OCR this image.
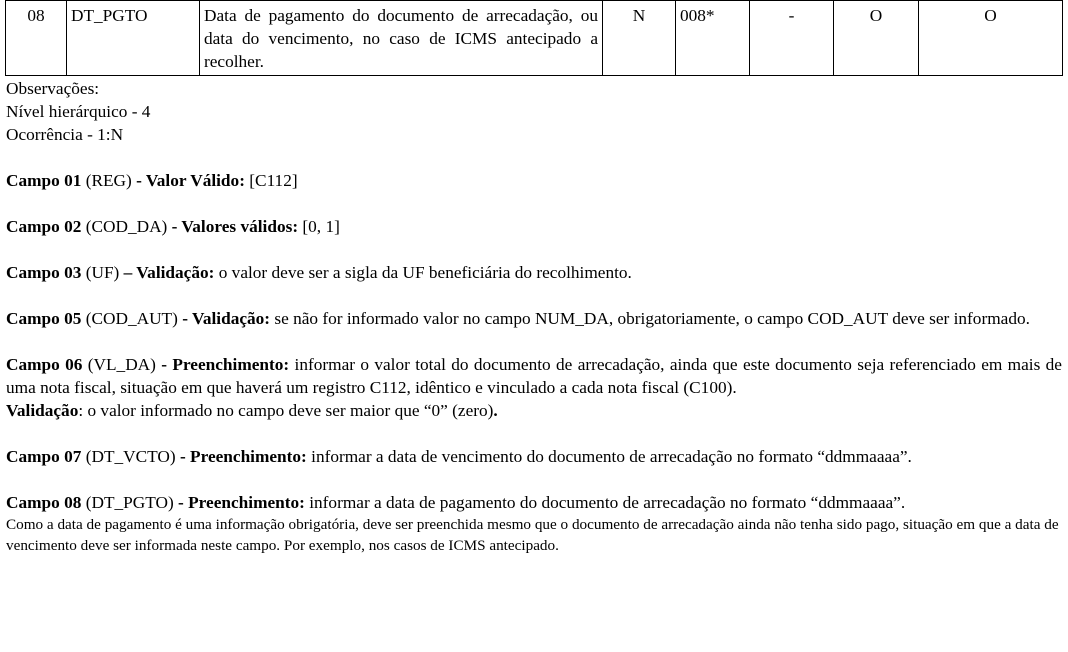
08	DT_PGTO	Data de pagamento do documento de arrecadação, ou data do vencimento, no caso de ICMS antecipado a recolher.	N	008*	-	O	O
Observações:
Nível hierárquico - 4
Ocorrência - 1:N

Campo 01 (REG) - Valor Válido: [C112]

Campo 02 (COD_DA) - Valores válidos: [0, 1]

Campo 03 (UF) – Validação: o valor deve ser a sigla da UF beneficiária do recolhimento.

Campo 05 (COD_AUT) - Validação: se não for informado valor no campo NUM_DA, obrigatoriamente, o campo COD_AUT deve ser informado.

Campo 06 (VL_DA) - Preenchimento: informar o valor total do documento de arrecadação, ainda que este documento seja referenciado em mais de uma nota fiscal, situação em que haverá um registro C112, idêntico e vinculado a cada nota fiscal (C100).

Validação: o valor informado no campo deve ser maior que “0” (zero).

Campo 07 (DT_VCTO) - Preenchimento: informar a data de vencimento do documento de arrecadação no formato “ddmmaaaa”.

Campo 08 (DT_PGTO) - Preenchimento: informar a data de pagamento do documento de arrecadação no formato “ddmmaaaa”.

Como a data de pagamento é uma informação obrigatória, deve ser preenchida mesmo que o documento de arrecadação ainda não tenha sido pago, situação em que a data de vencimento deve ser informada neste campo. Por exemplo, nos casos de ICMS antecipado.
